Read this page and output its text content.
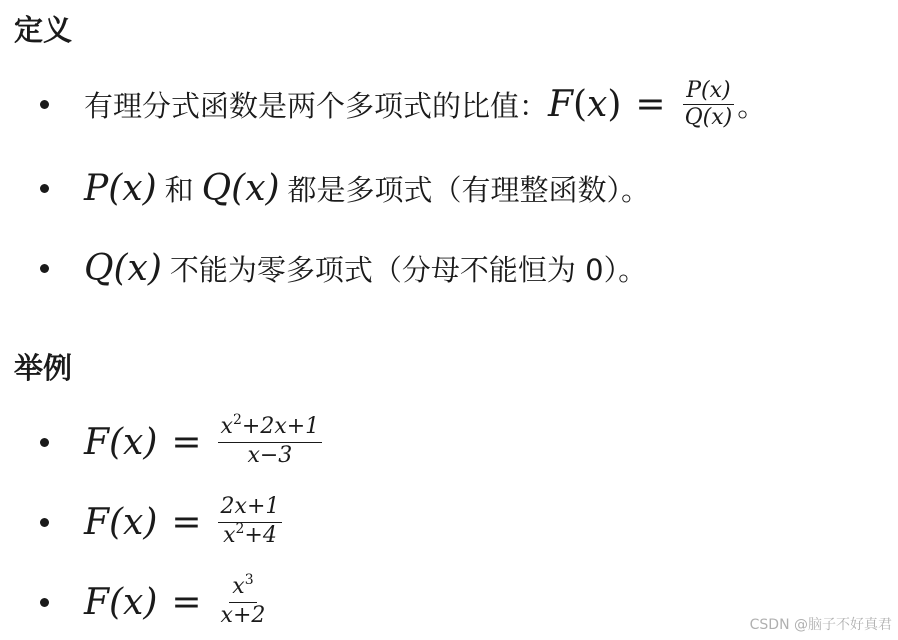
定义
有理分式函数是两个多项式的比值： F ( x ) = $\frac{P(x)}{Q(x)}$ 。
P(x) 和 Q(x) 都是多项式（有理整函数）。
Q(x) 不能为零多项式（分母不能恒为 0）。
举例
$F(x) = \frac{x^2+2x+1}{x-3}$
$F(x) = \frac{2x+1}{x^2+4}$
$F(x) = \frac{x^3}{x+2}$	CSDN @脑子不好真君
